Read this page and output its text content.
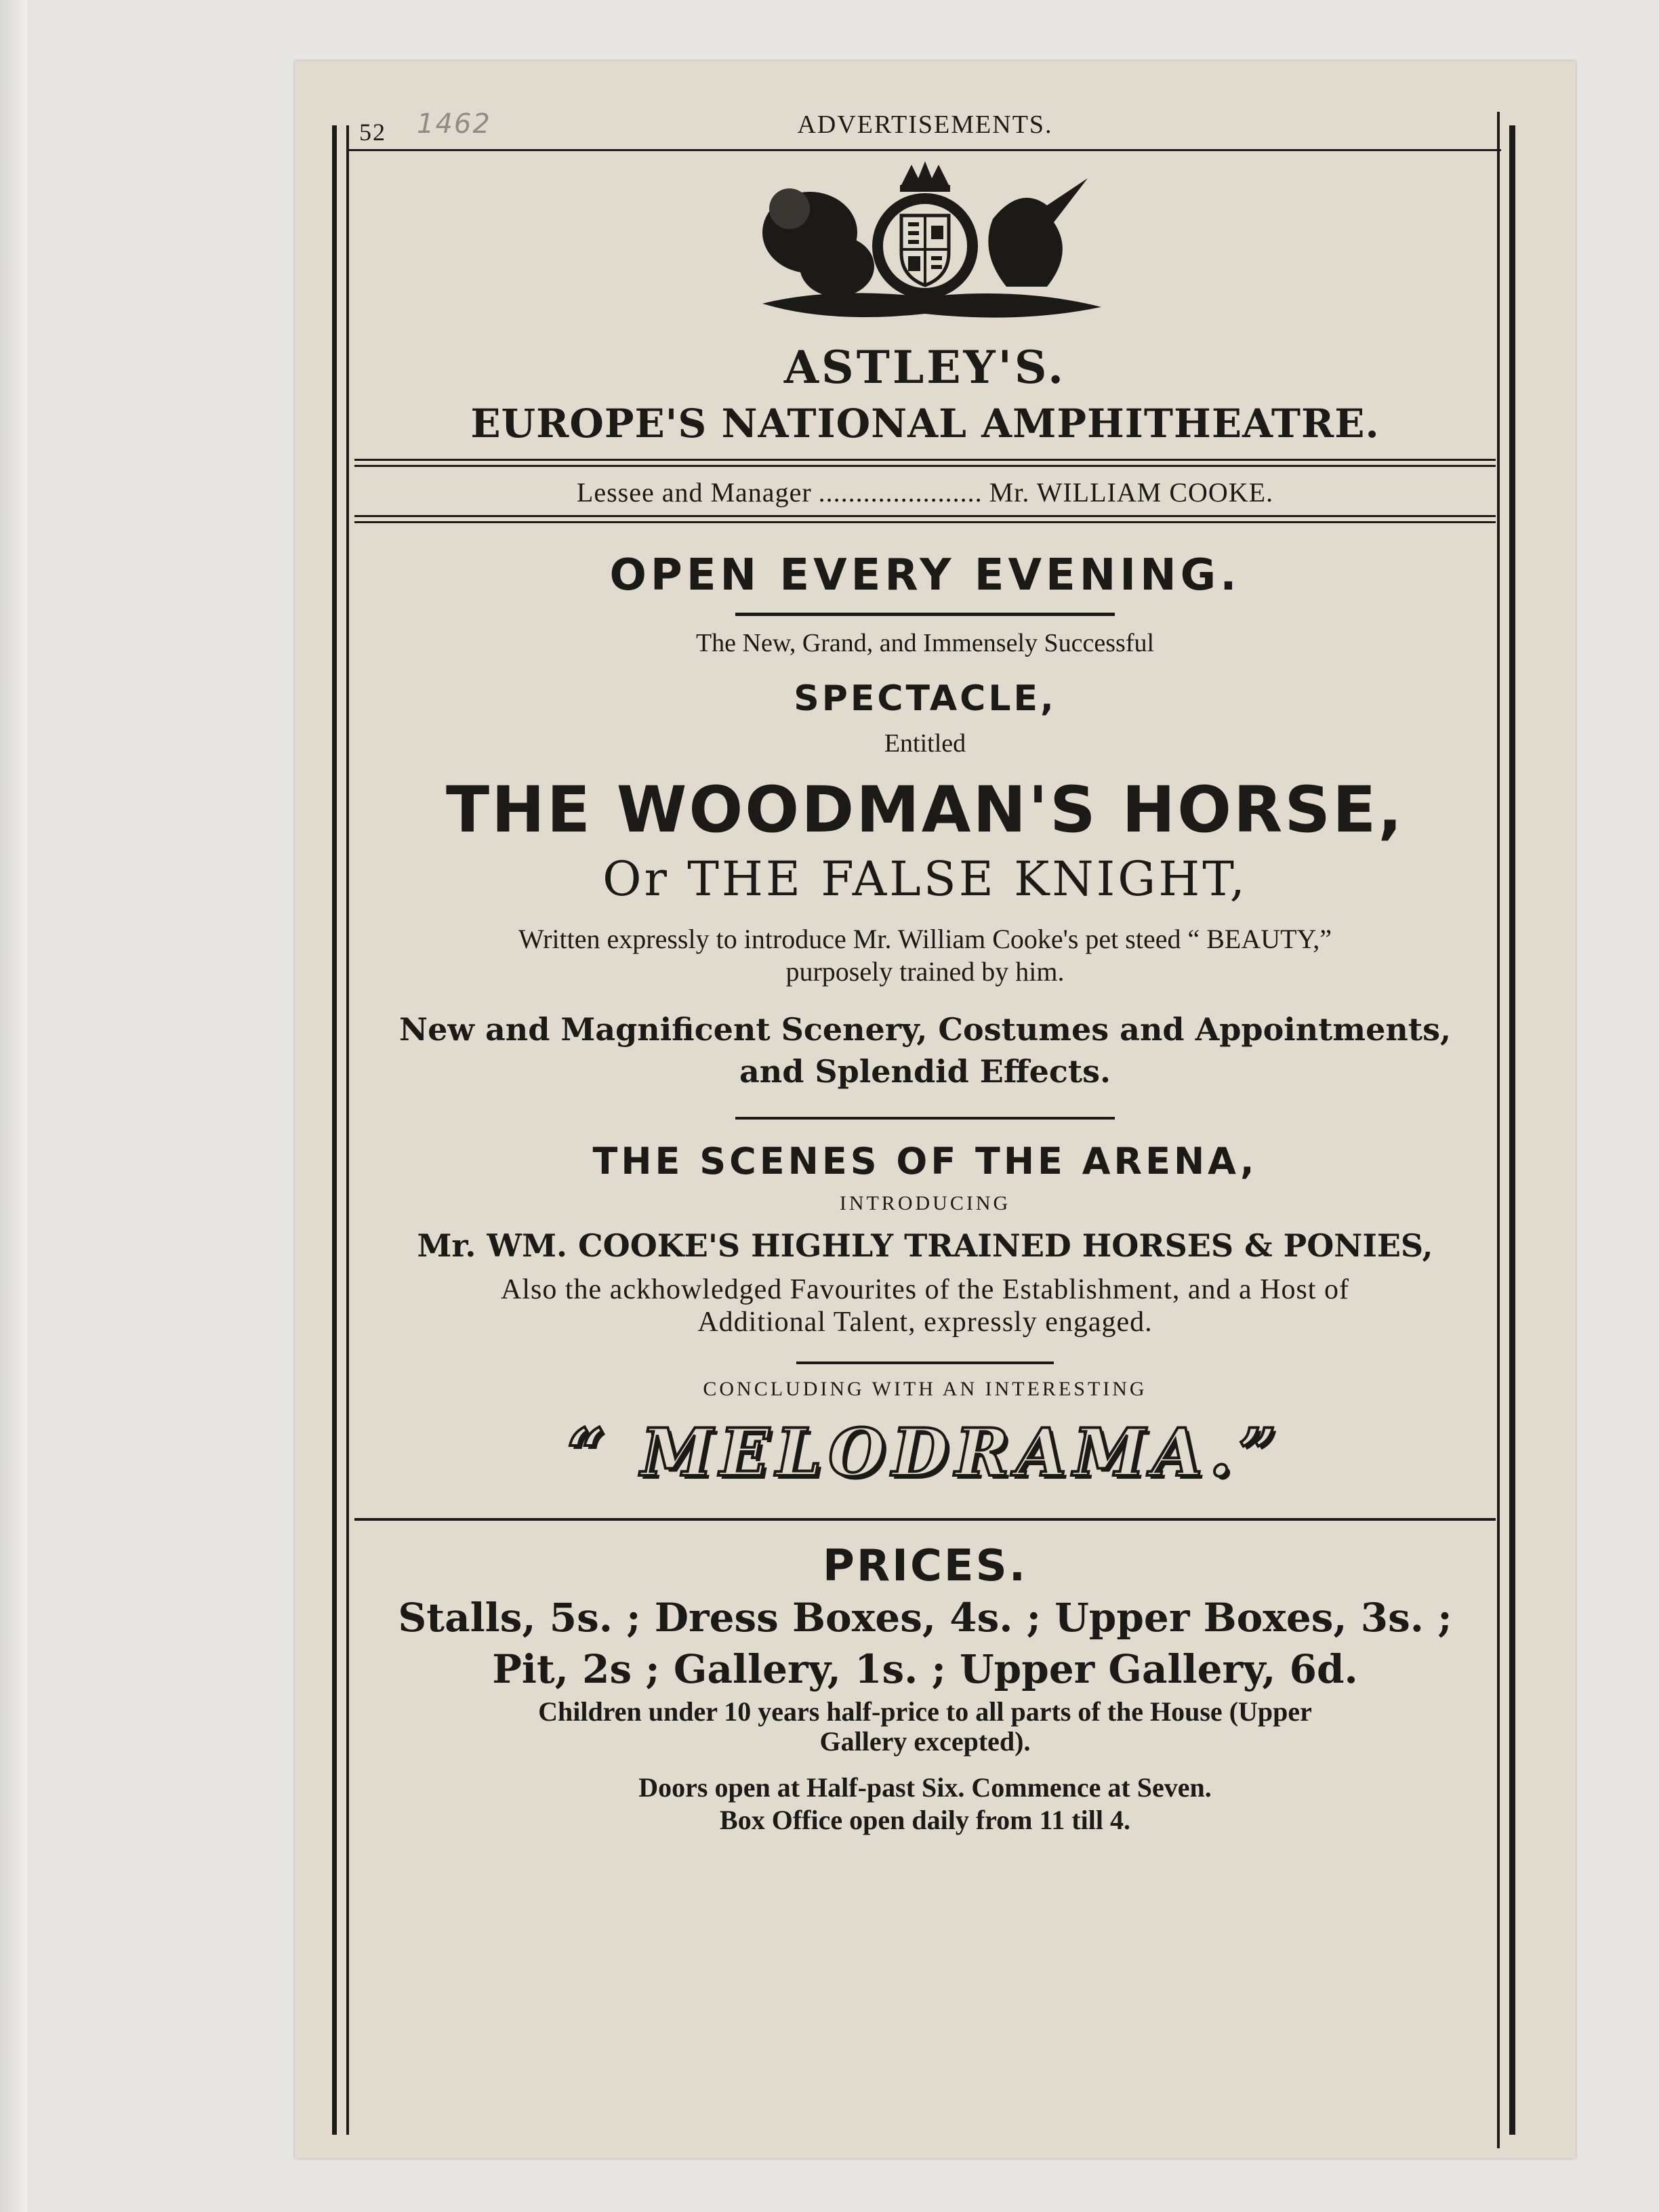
52 1462	ADVERTISEMENTS.
ASTLEY'S.
EUROPE'S NATIONAL AMPHITHEATRE.
Lessee and Manager ...................... Mr. WILLIAM COOKE.
OPEN EVERY EVENING.
The New, Grand, and Immensely Successful
SPECTACLE,
Entitled
THE WOODMAN'S HORSE,
Or THE FALSE KNIGHT,
Written expressly to introduce Mr. William Cooke's pet steed “ BEAUTY,”
purposely trained by him.
New and Magnificent Scenery, Costumes and Appointments,
and Splendid Effects.
THE SCENES OF THE ARENA,
INTRODUCING
Mr. WM. COOKE'S HIGHLY TRAINED HORSES & PONIES,
Also the ackhowledged Favourites of the Establishment, and a Host of
Additional Talent, expressly engaged.
CONCLUDING WITH AN INTERESTING
“ MELODRAMA.”
PRICES.
Stalls, 5s. ; Dress Boxes, 4s. ; Upper Boxes, 3s. ;
Pit, 2s ; Gallery, 1s. ; Upper Gallery, 6d.
Children under 10 years half-price to all parts of the House (Upper
Gallery excepted).
Doors open at Half-past Six. Commence at Seven.
Box Office open daily from 11 till 4.
